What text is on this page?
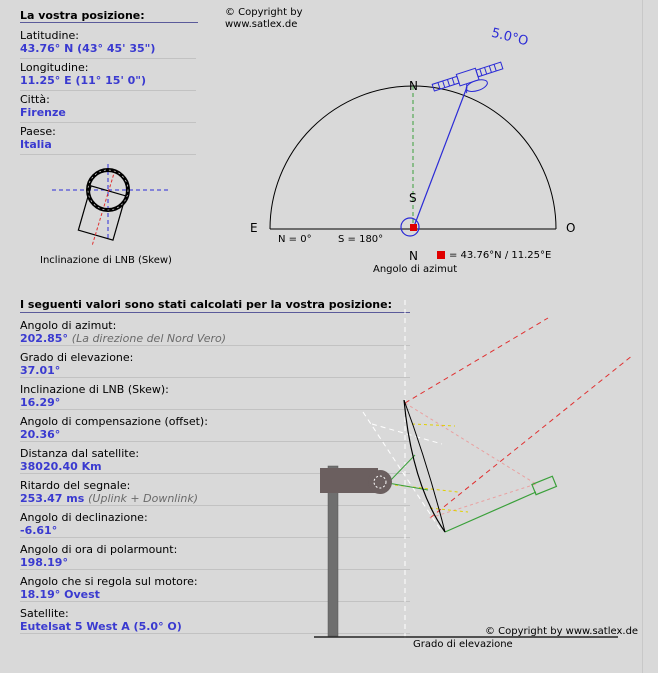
La vostra posizione:
Latitudine:
43.76° N (43° 45' 35")
Longitudine:
11.25° E (11° 15' 0")
Città:
Firenze
Paese:
Italia
Inclinazione di LNB (Skew)
© Copyright by
www.satlex.de
5.0°O
E	O
S
N
N
N = 0°	S = 180°
= 43.76°N / 11.25°E
Angolo di azimut
I seguenti valori sono stati calcolati per la vostra posizione:
Angolo di azimut:
202.85° (La direzione del Nord Vero)
Grado di elevazione:
37.01°
Inclinazione di LNB (Skew):
16.29°
Angolo di compensazione (offset):
20.36°
Distanza dal satellite:
38020.40 Km
Ritardo del segnale:
253.47 ms (Uplink + Downlink)
Angolo di declinazione:
-6.61°
Angolo di ora di polarmount:
198.19°
Angolo che si regola sul motore:
18.19° Ovest
Satellite:
Eutelsat 5 West A (5.0° O)	© Copyright by www.satlex.de
Grado di elevazione
